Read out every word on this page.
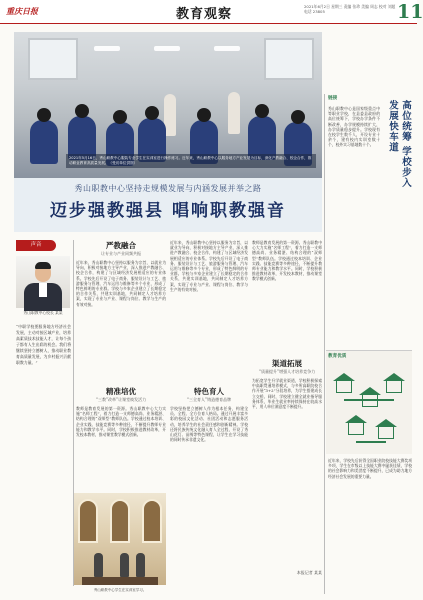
重庆日报	教育观察
2021年6月2日 星期三 责编 张珍 美编 周志 校对 刘超 电话 23805	11
2021年5月16日，秀山职教中心服装专业学生在实训室进行操作练习。近年来，秀山职教中心以服务地方产业发展为目标，深化产教融合、校企合作，推动职业教育高质量发展。（受访单位供图）
秀山职教中心坚持走规模发展与内涵发展并举之路
迈步强教强县 唱响职教强音
声音
秀山职教中心校长 某某
“中职学校要服务地方经济社会发展，主动对接区域产业，培养高素质技术技能人才，让每个孩子都有人生出彩的机会。我们将继续坚持立德树人，推动职业教育高质量发展，为乡村振兴贡献职教力量。”
严教融合
让专业与产业同频共振
近年来，秀山职教中心坚持以服务为宗旨，以就业为导向，积极对接地方主导产业，深入推进产教融合、校企合作，构建了与区域经济发展相适应的专业体系。学校先后开设了电子商务、服装设计与工艺、旅游服务与管理、汽车运用与维修等多个专业，形成了特色鲜明的专业群。学校与多家企业建立了长期稳定的合作关系，共建实训基地，共同制定人才培养方案，实现了专业与产业、课程与岗位、教学与生产的有效对接。
精准培优
“三教”改革”让课堂焕发活力
教师是教育发展的第一资源。秀山职教中心大力实施“名师工程”，着力打造一支师德高尚、业务精湛、结构合理的“双师型”教师队伍。学校通过校本培训、企业实践、技能竞赛等多种途径，不断提升教师专业能力和教学水平。同时，学校积极推进教材改革，开发校本教材，推动课堂教学模式创新。
近年来，秀山职教中心坚持以服务为宗旨，以就业为导向，积极对接地方主导产业，深入推进产教融合、校企合作，构建了与区域经济发展相适应的专业体系。学校先后开设了电子商务、服装设计与工艺、旅游服务与管理、汽车运用与维修等多个专业，形成了特色鲜明的专业群。学校与多家企业建立了长期稳定的合作关系，共建实训基地，共同制定人才培养方案，实现了专业与产业、课程与岗位、教学与生产的有效对接。
特色育人
“三全育人”铸造德育品牌
学校坚持把立德树人作为根本任务，构建全员、全程、全方位育人格局。通过开展丰富多彩的校园文化活动、社团活动和志愿服务活动，培养学生的社会责任感和创新精神。学校还将民族传统文化融入育人全过程，开设了秀山花灯、苗绣等特色课程，让学生在学习技能的同时传承非遗文化。
教师是教育发展的第一资源。秀山职教中心大力实施“名师工程”，着力打造一支师德高尚、业务精湛、结构合理的“双师型”教师队伍。学校通过校本培训、企业实践、技能竞赛等多种途径，不断提升教师专业能力和教学水平。同时，学校积极推进教材改革，开发校本教材，推动课堂教学模式创新。
渠道拓展
“质量提升”增强人才培养竞争力
为拓宽学生升学就业渠道，学校积极探索中高职贯通培养模式，与多所高职院校合作开展“3+2”分段培养，为学生搭建成长立交桥。同时，学校建立健全就业指导服务体系，毕业生就业率持续保持在较高水平，用人单位满意度不断提升。
本报记者 某某
秀山职教中心学生在实训室学习。
链接
高位统筹 学校步入
发展快车道
秀山职教中心是国家级重点中等职业学校，在县委县政府的高位统筹下，学校办学条件不断改善，办学规模持续扩大，办学质量稳步提升。学校现有在校学生数千人，开设专业十余个，建有校内实训室数十个，校外实习基地数十个。
教育优质
近年来，学校先后获得全国职业院校技能大赛奖项多项，学生在市级以上技能大赛中屡获佳绩，学校的社会影响力和美誉度不断提升，已成为助力地方经济社会发展的重要力量。
